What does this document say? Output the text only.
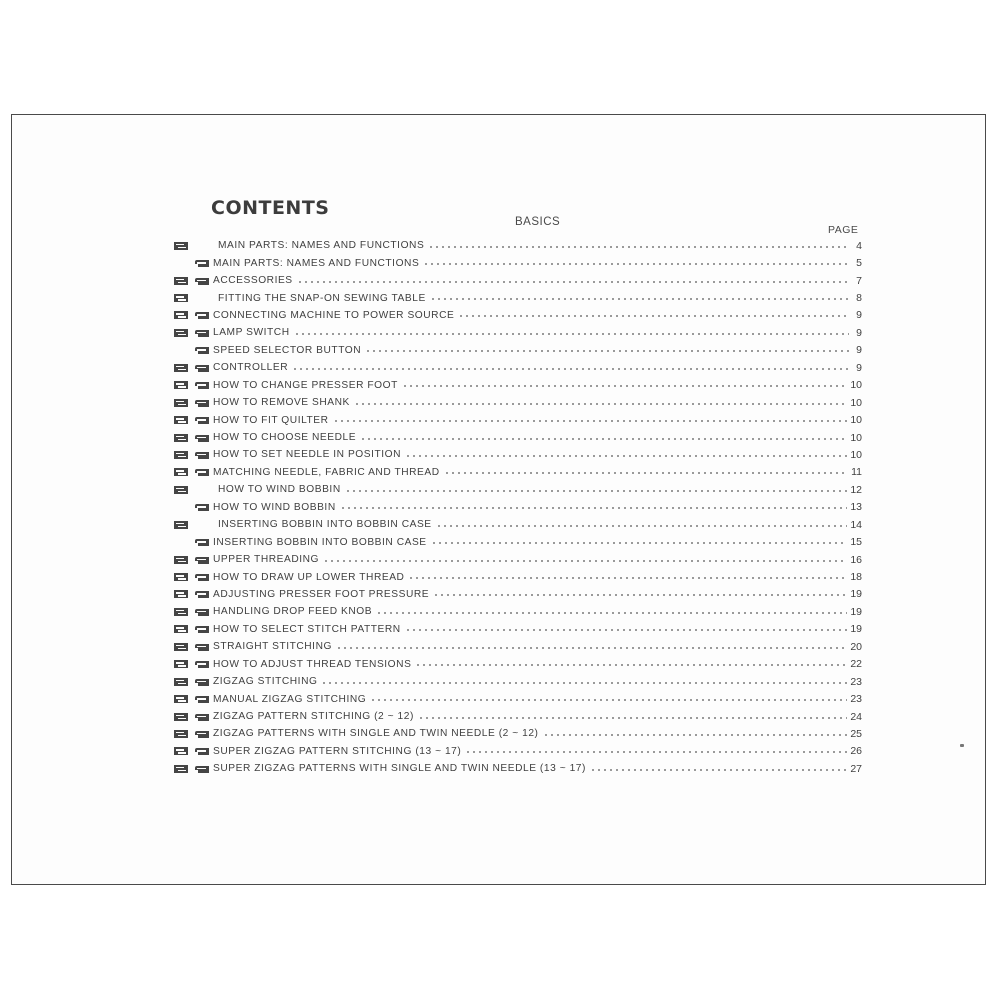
CONTENTS
BASICS
PAGE
MAIN PARTS: NAMES AND FUNCTIONS	4
MAIN PARTS: NAMES AND FUNCTIONS	5
ACCESSORIES	7
FITTING THE SNAP-ON SEWING TABLE	8
CONNECTING MACHINE TO POWER SOURCE	9
LAMP SWITCH	9
SPEED SELECTOR BUTTON	9
CONTROLLER	9
HOW TO CHANGE PRESSER FOOT	10
HOW TO REMOVE SHANK	10
HOW TO FIT QUILTER	10
HOW TO CHOOSE NEEDLE	10
HOW TO SET NEEDLE IN POSITION	10
MATCHING NEEDLE, FABRIC AND THREAD	11
HOW TO WIND BOBBIN	12
HOW TO WIND BOBBIN	13
INSERTING BOBBIN INTO BOBBIN CASE	14
INSERTING BOBBIN INTO BOBBIN CASE	15
UPPER THREADING	16
HOW TO DRAW UP LOWER THREAD	18
ADJUSTING PRESSER FOOT PRESSURE	19
HANDLING DROP FEED KNOB	19
HOW TO SELECT STITCH PATTERN	19
STRAIGHT STITCHING	20
HOW TO ADJUST THREAD TENSIONS	22
ZIGZAG STITCHING	23
MANUAL ZIGZAG STITCHING	23
ZIGZAG PATTERN STITCHING (2 ~ 12)	24
ZIGZAG PATTERNS WITH SINGLE AND TWIN NEEDLE (2 ~ 12)	25
SUPER ZIGZAG PATTERN STITCHING (13 ~ 17)	26
SUPER ZIGZAG PATTERNS WITH SINGLE AND TWIN NEEDLE (13 ~ 17)	27
